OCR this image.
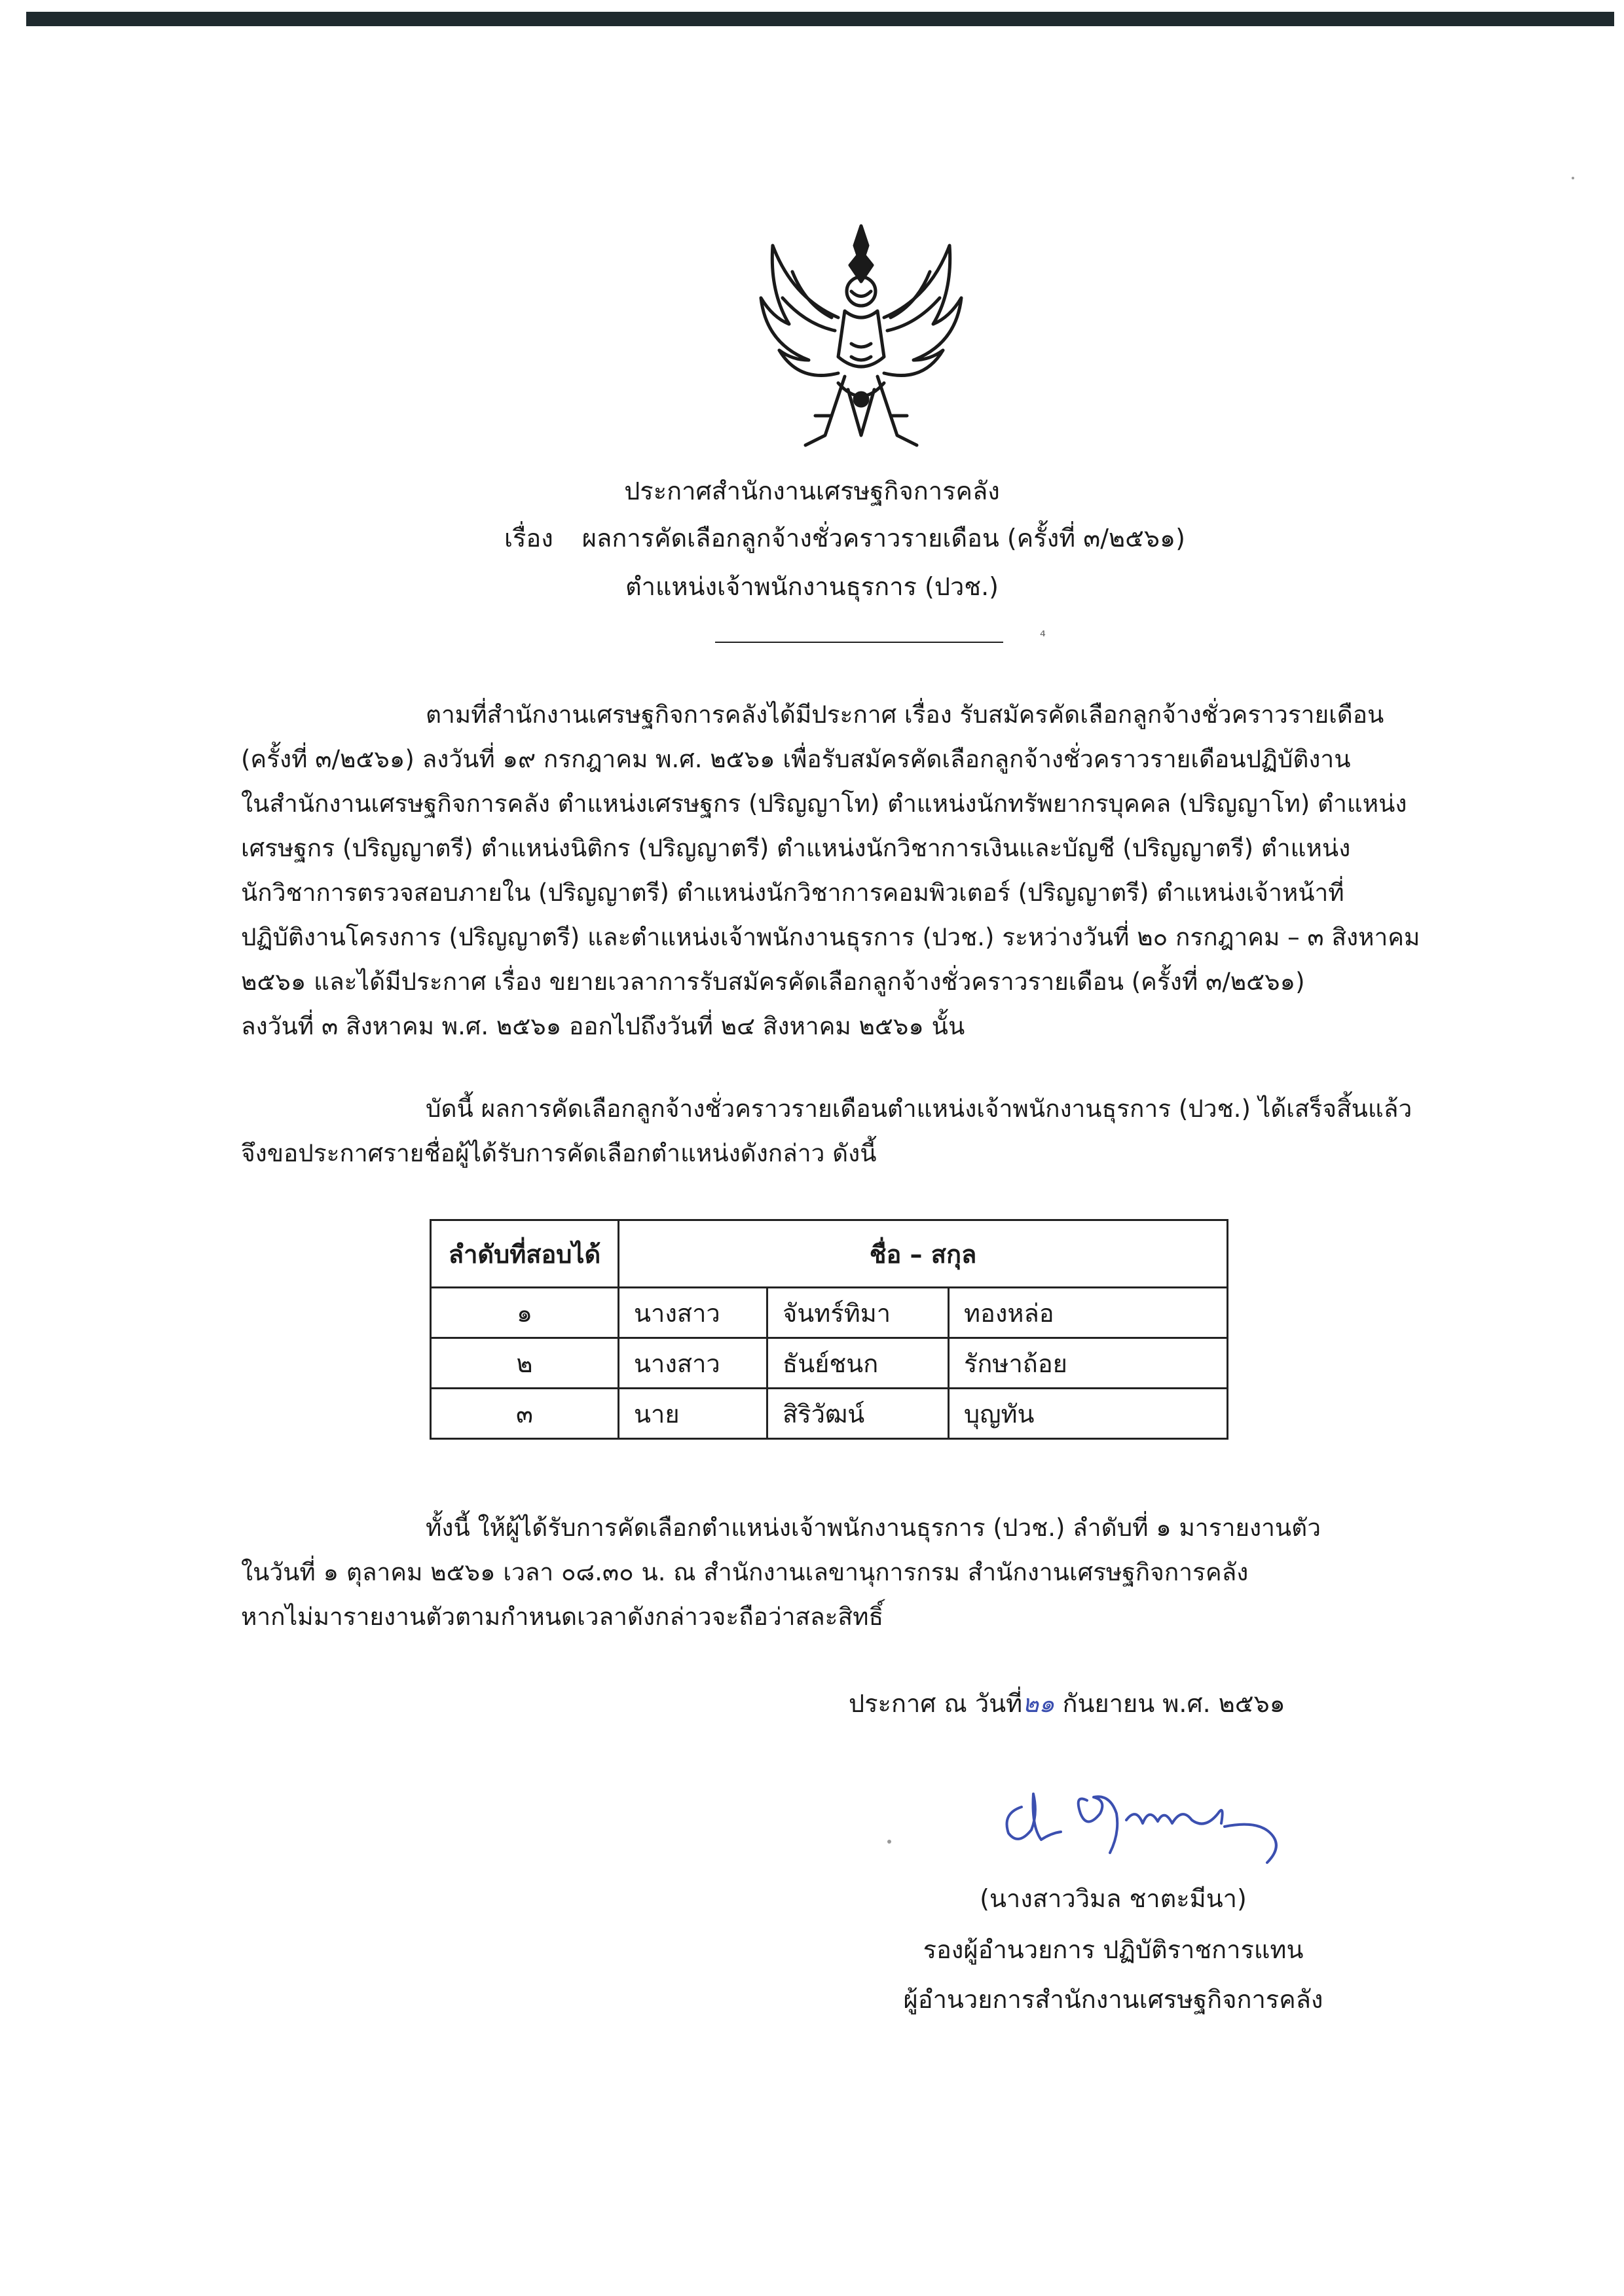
ประกาศสำนักงานเศรษฐกิจการคลัง
เรื่อง ผลการคัดเลือกลูกจ้างชั่วคราวรายเดือน (ครั้งที่ ๓/๒๕๖๑)
ตำแหน่งเจ้าพนักงานธุรการ (ปวช.)
⁴
ตามที่สำนักงานเศรษฐกิจการคลังได้มีประกาศ เรื่อง รับสมัครคัดเลือกลูกจ้างชั่วคราวรายเดือน
(ครั้งที่ ๓/๒๕๖๑) ลงวันที่ ๑๙ กรกฎาคม พ.ศ. ๒๕๖๑ เพื่อรับสมัครคัดเลือกลูกจ้างชั่วคราวรายเดือนปฏิบัติงาน
ในสำนักงานเศรษฐกิจการคลัง ตำแหน่งเศรษฐกร (ปริญญาโท) ตำแหน่งนักทรัพยากรบุคคล (ปริญญาโท) ตำแหน่ง
เศรษฐกร (ปริญญาตรี) ตำแหน่งนิติกร (ปริญญาตรี) ตำแหน่งนักวิชาการเงินและบัญชี (ปริญญาตรี) ตำแหน่ง
นักวิชาการตรวจสอบภายใน (ปริญญาตรี) ตำแหน่งนักวิชาการคอมพิวเตอร์ (ปริญญาตรี) ตำแหน่งเจ้าหน้าที่
ปฏิบัติงานโครงการ (ปริญญาตรี) และตำแหน่งเจ้าพนักงานธุรการ (ปวช.) ระหว่างวันที่ ๒๐ กรกฎาคม – ๓ สิงหาคม
๒๕๖๑ และได้มีประกาศ เรื่อง ขยายเวลาการรับสมัครคัดเลือกลูกจ้างชั่วคราวรายเดือน (ครั้งที่ ๓/๒๕๖๑)
ลงวันที่ ๓ สิงหาคม พ.ศ. ๒๕๖๑ ออกไปถึงวันที่ ๒๔ สิงหาคม ๒๕๖๑ นั้น
บัดนี้ ผลการคัดเลือกลูกจ้างชั่วคราวรายเดือนตำแหน่งเจ้าพนักงานธุรการ (ปวช.) ได้เสร็จสิ้นแล้ว
จึงขอประกาศรายชื่อผู้ได้รับการคัดเลือกตำแหน่งดังกล่าว ดังนี้
ลำดับที่สอบได้	ชื่อ – สกุล		
๑	นางสาว	จันทร์ทิมา	ทองหล่อ
๒	นางสาว	ธันย์ชนก	รักษาถ้อย
๓	นาย	สิริวัฒน์	บุญทัน
ทั้งนี้ ให้ผู้ได้รับการคัดเลือกตำแหน่งเจ้าพนักงานธุรการ (ปวช.) ลำดับที่ ๑ มารายงานตัว
ในวันที่ ๑ ตุลาคม ๒๕๖๑ เวลา ๐๘.๓๐ น. ณ สำนักงานเลขานุการกรม สำนักงานเศรษฐกิจการคลัง
หากไม่มารายงานตัวตามกำหนดเวลาดังกล่าวจะถือว่าสละสิทธิ์
ประกาศ ณ วันที่๒๑ กันยายน พ.ศ. ๒๕๖๑
(นางสาววิมล ชาตะมีนา)
รองผู้อำนวยการ ปฏิบัติราชการแทน
ผู้อำนวยการสำนักงานเศรษฐกิจการคลัง
